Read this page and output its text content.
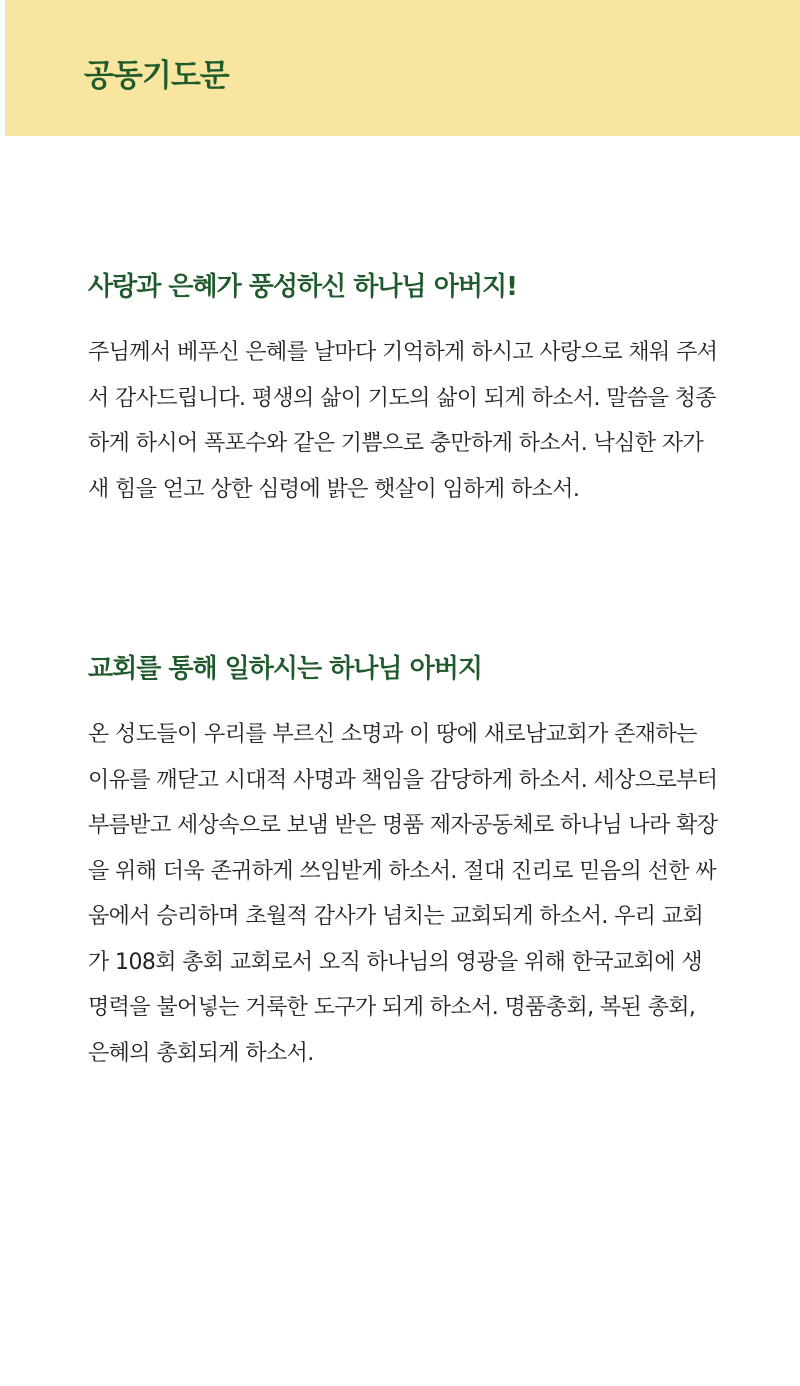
공동기도문
사랑과 은혜가 풍성하신 하나님 아버지!

주님께서 베푸신 은혜를 날마다 기억하게 하시고 사랑으로 채워 주셔서 감사드립니다. 평생의 삶이 기도의 삶이 되게 하소서. 말씀을 청종하게 하시어 폭포수와 같은 기쁨으로 충만하게 하소서. 낙심한 자가 새 힘을 얻고 상한 심령에 밝은 햇살이 임하게 하소서.

교회를 통해 일하시는 하나님 아버지

온 성도들이 우리를 부르신 소명과 이 땅에 새로남교회가 존재하는 이유를 깨닫고 시대적 사명과 책임을 감당하게 하소서. 세상으로부터 부름받고 세상속으로 보냄 받은 명품 제자공동체로 하나님 나라 확장을 위해 더욱 존귀하게 쓰임받게 하소서. 절대 진리로 믿음의 선한 싸움에서 승리하며 초월적 감사가 넘치는 교회되게 하소서. 우리 교회가 108회 총회 교회로서 오직 하나님의 영광을 위해 한국교회에 생명력을 불어넣는 거룩한 도구가 되게 하소서. 명품총회, 복된 총회, 은혜의 총회되게 하소서.
